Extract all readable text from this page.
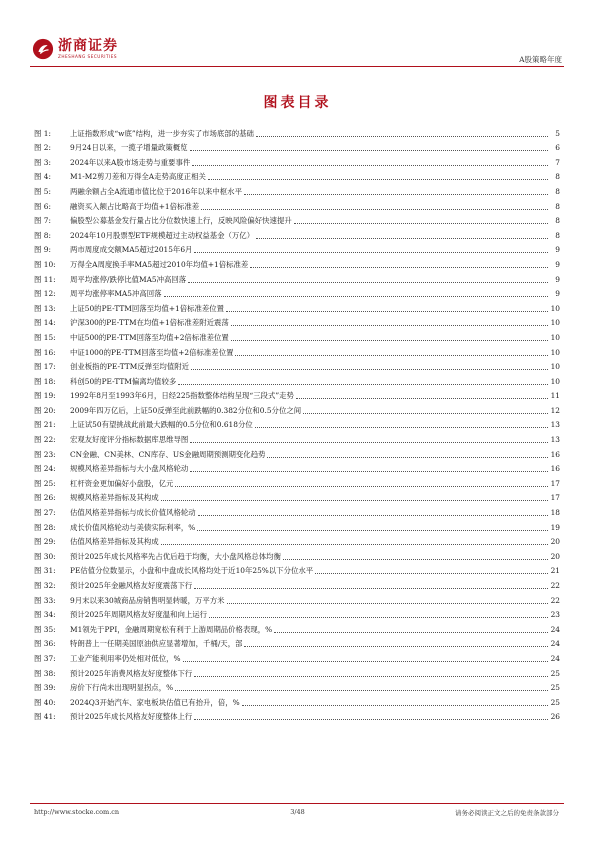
浙商证券
ZHESHANG SECURITIES	A股策略年度
图表目录
图 1:	上证指数形成“w底”结构，进一步夯实了市场底部的基础	5
图 2:	9月24日以来，一揽子增量政策概览	6
图 3:	2024年以来A股市场走势与重要事件	7
图 4:	M1-M2剪刀差和万得全A走势高度正相关	8
图 5:	两融余额占全A流通市值比位于2016年以来中枢水平	8
图 6:	融资买入额占比略高于均值+1倍标准差	8
图 7:	偏股型公募基金发行量占比分位数快速上行，反映风险偏好快速提升	8
图 8:	2024年10月股票型ETF规模超过主动权益基金（万亿）	8
图 9:	两市周度成交额MA5超过2015年6月	9
图 10:	万得全A周度换手率MA5超过2010年均值+1倍标准差	9
图 11:	周平均涨停/跌停比值MA5冲高回落	9
图 12:	周平均涨停率MA5冲高回落	9
图 13:	上证50的PE-TTM回落至均值+1倍标准差位置	10
图 14:	沪深300的PE-TTM在均值+1倍标准差附近震荡	10
图 15:	中证500的PE-TTM回落至均值+2倍标准差位置	10
图 16:	中证1000的PE-TTM回落至均值+2倍标准差位置	10
图 17:	创业板指的PE-TTM反弹至均值附近	10
图 18:	科创50的PE-TTM偏离均值较多	10
图 19:	1992年8月至1993年6月，日经225指数整体结构呈现“三段式”走势	11
图 20:	2009年四万亿后，上证50反弹至此前跌幅的0.382分位和0.5分位之间	12
图 21:	上证试50有望挑战此前最大跌幅的0.5分位和0.618分位	13
图 22:	宏观友好度评分指标数据库思维导图	13
图 23:	CN金融、CN美林、CN库存、US金融周期预测期变化趋势	16
图 24:	规模风格差异指标与大小盘风格轮动	16
图 25:	杠杆资金更加偏好小盘股，亿元	17
图 26:	规模风格差异指标及其构成	17
图 27:	估值风格差异指标与成长价值风格轮动	18
图 28:	成长价值风格轮动与美债实际利率，%	19
图 29:	估值风格差异指标及其构成	20
图 30:	预计2025年成长风格率先占优后趋于均衡，大小盘风格总体均衡	20
图 31:	PE估值分位数显示，小盘和中盘成长风格均处于近10年25%以下分位水平	21
图 32:	预计2025年金融风格友好度震荡下行	22
图 33:	9月末以来30城商品房销售明显转暖，万平方米	22
图 34:	预计2025年周期风格友好度温和向上运行	23
图 35:	M1领先于PPI，金融周期宽松有利于上游周期品价格表现，%	24
图 36:	特朗普上一任期美国原油供应显著增加，千桶/天，部	24
图 37:	工业产能利用率仍处相对低位，%	24
图 38:	预计2025年消费风格友好度整体下行	25
图 39:	房价下行尚未出现明显拐点，%	25
图 40:	2024Q3开始汽车、家电板块估值已有抬升，倍，%	25
图 41:	预计2025年成长风格友好度整体上行	26
http://www.stocke.com.cn	3/48	请务必阅读正文之后的免责条款部分
